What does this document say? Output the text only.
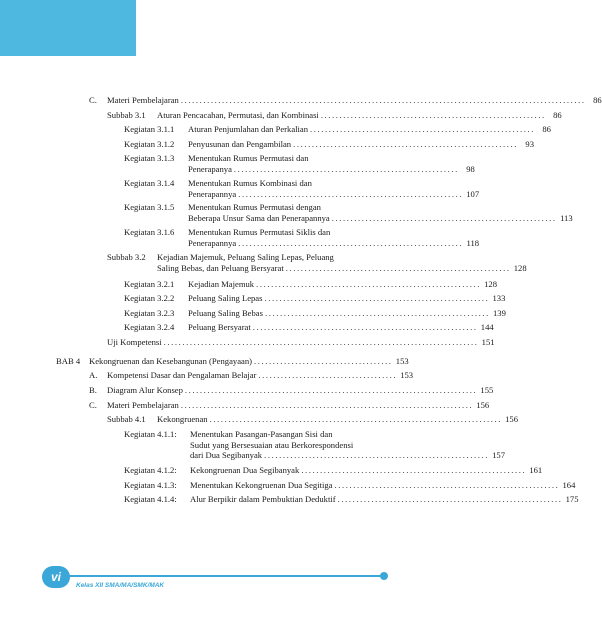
C.	Materi Pembelajaran ............................................................................................................ 86
Subbab 3.1	Aturan Pencacahan, Permutasi, dan Kombinasi ............................................................ 86
Kegiatan 3.1.1	Aturan Penjumlahan dan Perkalian ............................................................ 86
Kegiatan 3.1.2	Penyusunan dan Pengambilan ............................................................ 93
Kegiatan 3.1.3	Menentukan Rumus Permutasi dan
Penerapanya ............................................................ 98
Kegiatan 3.1.4	Menentukan Rumus Kombinasi dan
Penerapannya ............................................................ 107
Kegiatan 3.1.5	Menentukan Rumus Permutasi dengan
Beberapa Unsur Sama dan Penerapannya ............................................................ 113
Kegiatan 3.1.6	Menentukan Rumus Permutasi Siklis dan
Penerapannya ............................................................ 118
Subbab 3.2	Kejadian Majemuk, Peluang Saling Lepas, Peluang
Saling Bebas, dan Peluang Bersyarat ............................................................ 128
Kegiatan 3.2.1	Kejadian Majemuk ............................................................ 128
Kegiatan 3.2.2	Peluang Saling Lepas ............................................................ 133
Kegiatan 3.2.3	Peluang Saling Bebas ............................................................ 139
Kegiatan 3.2.4	Peluang Bersyarat ............................................................ 144
Uji Kompetensi .................................................................................... 151
BAB 4	Kekongruenan dan Kesebangunan (Pengayaan) ..................................... 153
A.	Kompetensi Dasar dan Pengalaman Belajar ..................................... 153
B.	Diagram Alur Konsep .............................................................................. 155
C.	Materi Pembelajaran .............................................................................. 156
Subbab 4.1	Kekongruenan .............................................................................. 156
Kegiatan 4.1.1:	Menentukan Pasangan-Pasangan Sisi dan
Sudut yang Bersesuaian atau Berkorespondensi
dari Dua Segibanyak ............................................................ 157
Kegiatan 4.1.2:	Kekongruenan Dua Segibanyak ............................................................ 161
Kegiatan 4.1.3:	Menentukan Kekongruenan Dua Segitiga ............................................................ 164
Kegiatan 4.1.4:	Alur Berpikir dalam Pembuktian Deduktif ............................................................ 175
vi
Kelas XII SMA/MA/SMK/MAK
